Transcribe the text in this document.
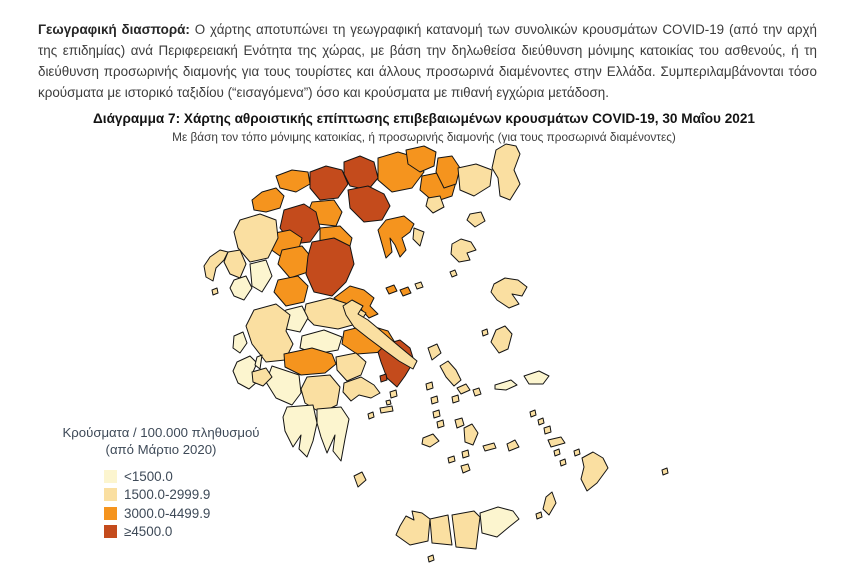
Γεωγραφική διασπορά: Ο χάρτης αποτυπώνει τη γεωγραφική κατανομή των συνολικών κρουσμάτων COVID-19 (από την αρχή της επιδημίας) ανά Περιφερειακή Ενότητα της χώρας, με βάση την δηλωθείσα διεύθυνση μόνιμης κατοικίας του ασθενούς, ή τη διεύθυνση προσωρινής διαμονής για τους τουρίστες και άλλους προσωρινά διαμένοντες στην Ελλάδα. Συμπεριλαμβάνονται τόσο κρούσματα με ιστορικό ταξιδίου (“εισαγόμενα”) όσο και κρούσματα με πιθανή εγχώρια μετάδοση.

Διάγραμμα 7: Χάρτης αθροιστικής επίπτωσης επιβεβαιωμένων κρουσμάτων COVID-19, 30 Μαΐου 2021
Με βάση τον τόπο μόνιμης κατοικίας, ή προσωρινής διαμονής (για τους προσωρινά διαμένοντες)
Κρούσματα / 100.000 πληθυσμού
(από Μάρτιο 2020)
<1500.0
1500.0-2999.9
3000.0-4499.9
≥4500.0
